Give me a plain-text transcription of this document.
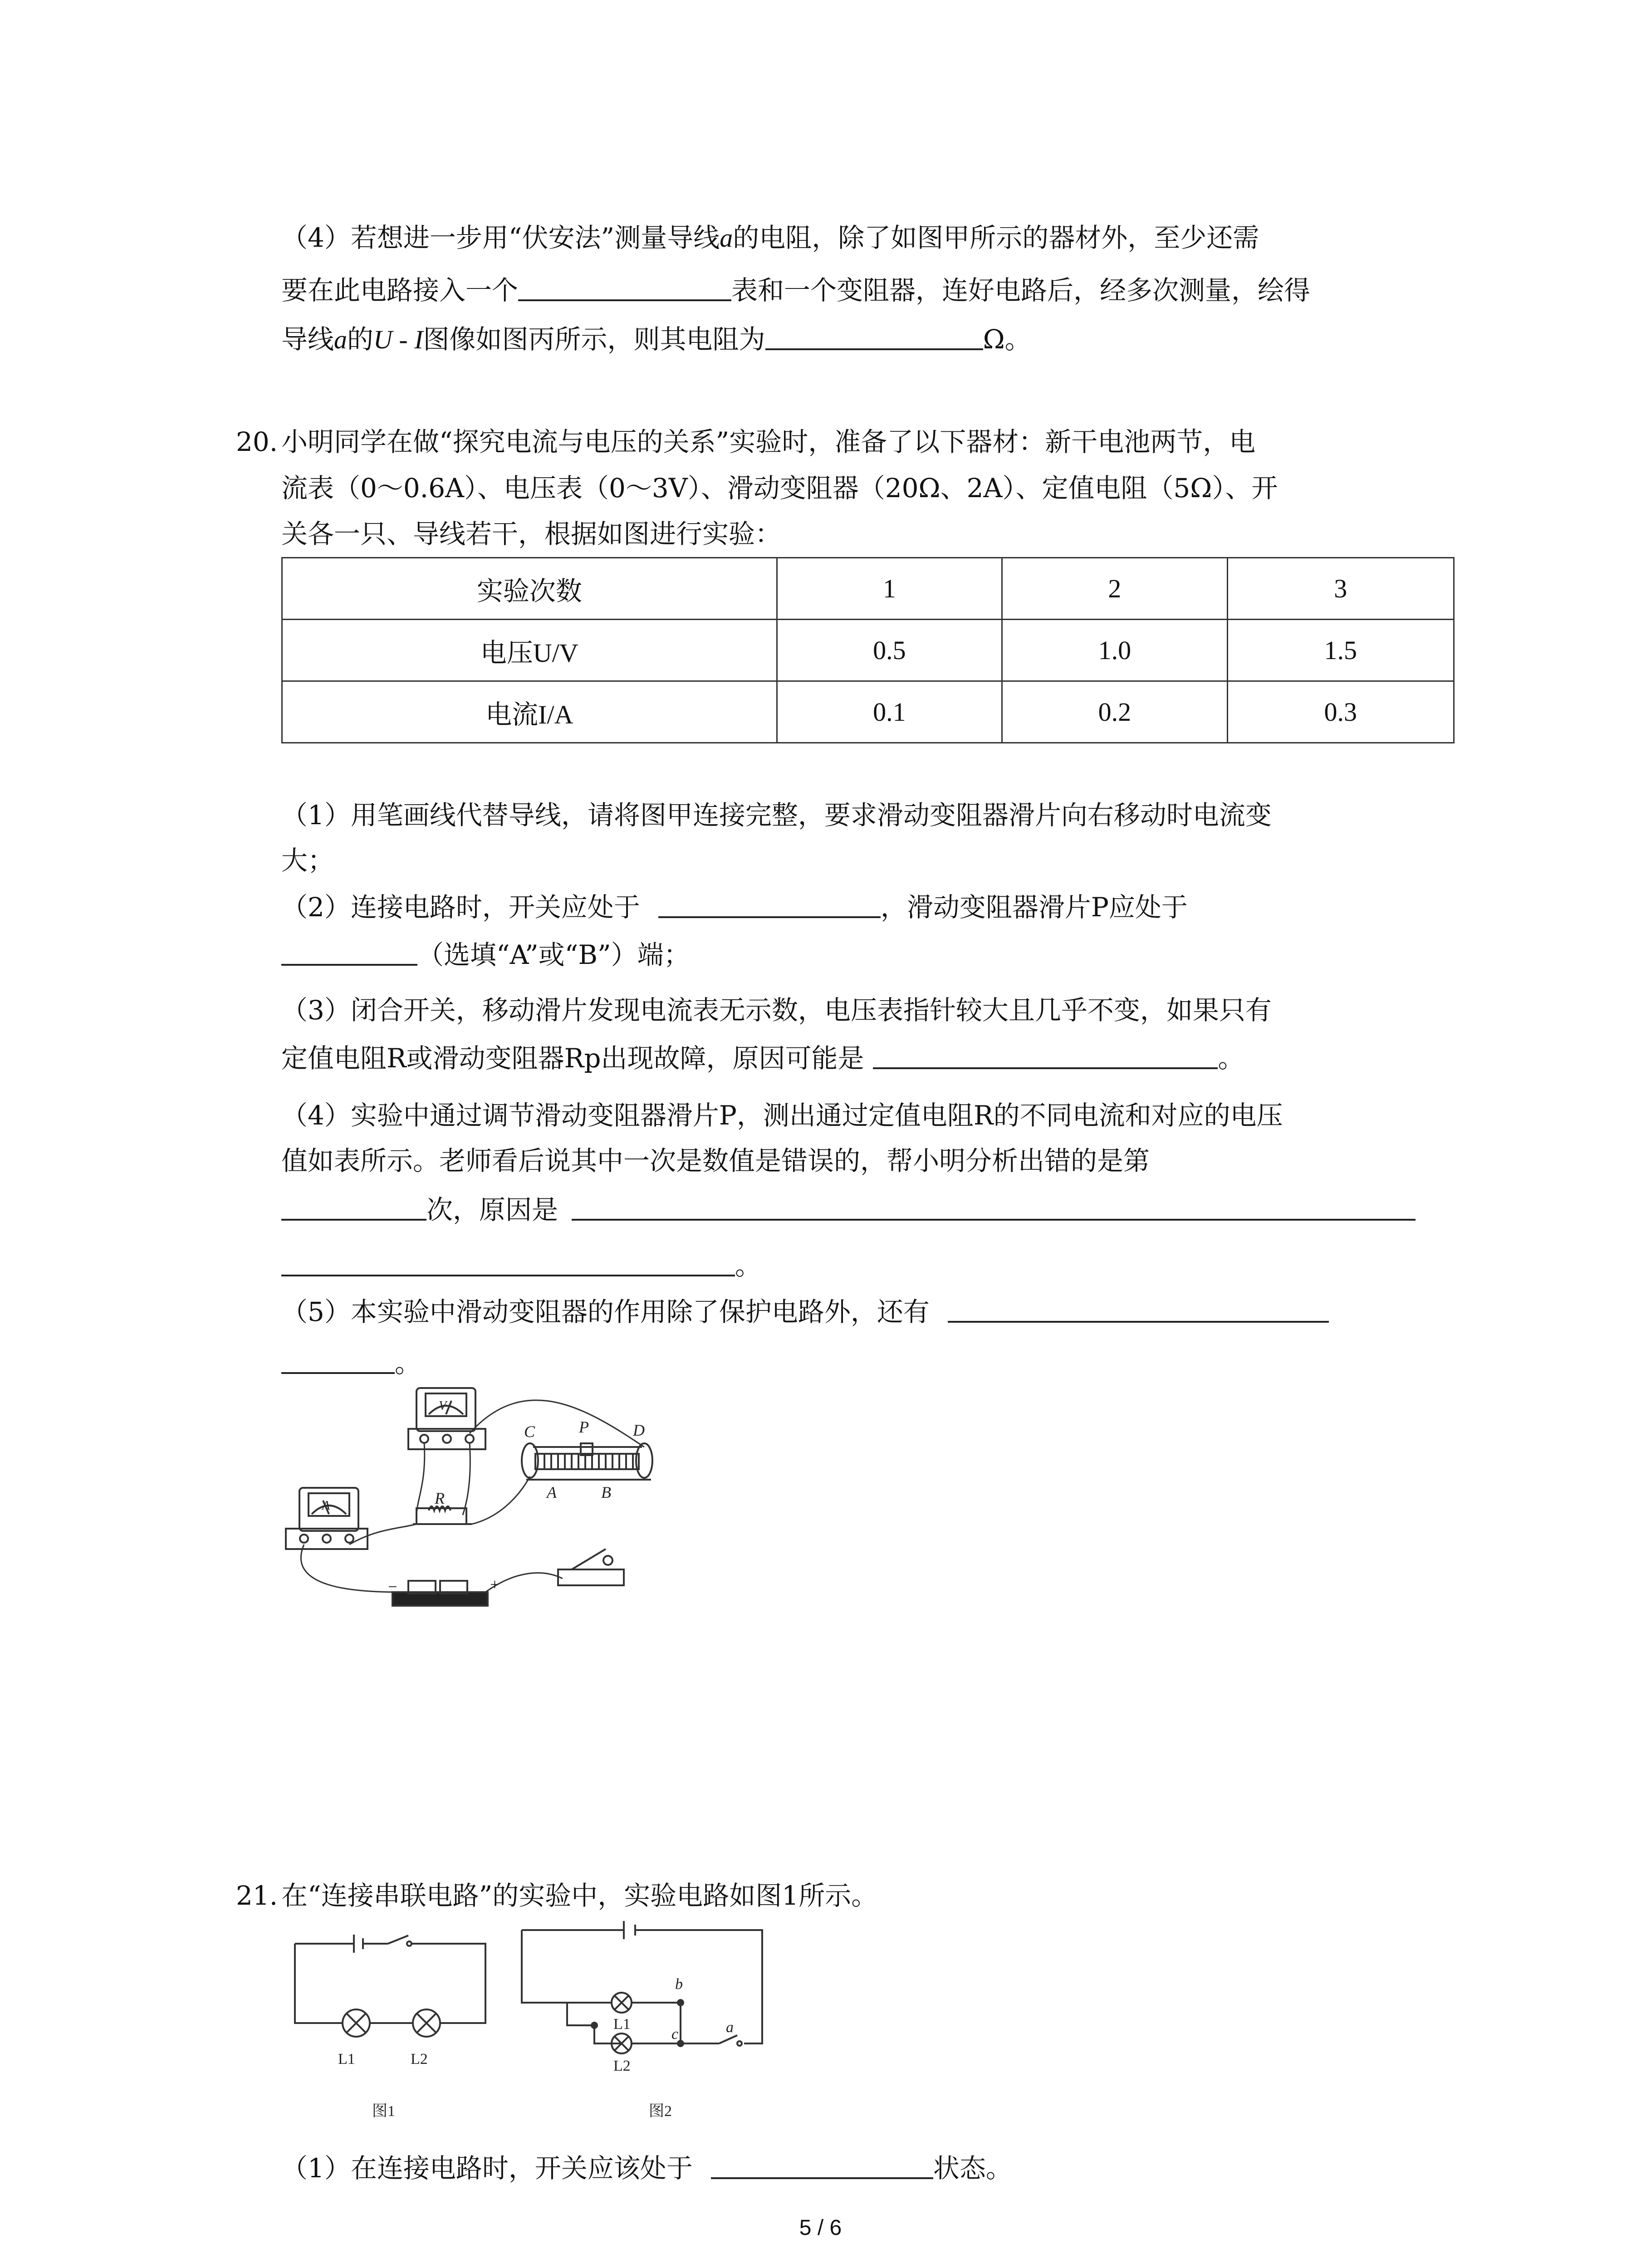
（4）若想进一步用“伏安法”测量导线a的电阻，除了如图甲所示的器材外，至少还需
要在此电路接入一个	表和一个变阻器，连好电路后，经多次测量，绘得
导线a的U - I图像如图丙所示，则其电阻为	Ω。
20. 小明同学在做“探究电流与电压的关系”实验时，准备了以下器材：新干电池两节，电
流表（0～0.6A）、电压表（0～3V）、滑动变阻器（20Ω、2A）、定值电阻（5Ω）、开
关各一只、导线若干，根据如图进行实验：
实验次数	1	2	3
电压U/V	0.5	1.0	1.5
电流I/A	0.1	0.2	0.3
（1）用笔画线代替导线，请将图甲连接完整，要求滑动变阻器滑片向右移动时电流变
大；
（2）连接电路时，开关应处于	，滑动变阻器滑片P应处于
（选填“A”或“B”）端；
（3）闭合开关，移动滑片发现电流表无示数，电压表指针较大且几乎不变，如果只有
定值电阻R或滑动变阻器Rp出现故障，原因可能是	。
（4）实验中通过调节滑动变阻器滑片P，测出通过定值电阻R的不同电流和对应的电压
值如表所示。老师看后说其中一次是数值是错误的，帮小明分析出错的是第
次，原因是
。
（5）本实验中滑动变阻器的作用除了保护电路外，还有
。
V
A	R
C	P	D
A	B
−	+
21. 在“连接串联电路”的实验中，实验电路如图1所示。
L1	L2
图1
b
a
c
L1
L2
图2
（1）在连接电路时，开关应该处于	状态。
5 / 6
